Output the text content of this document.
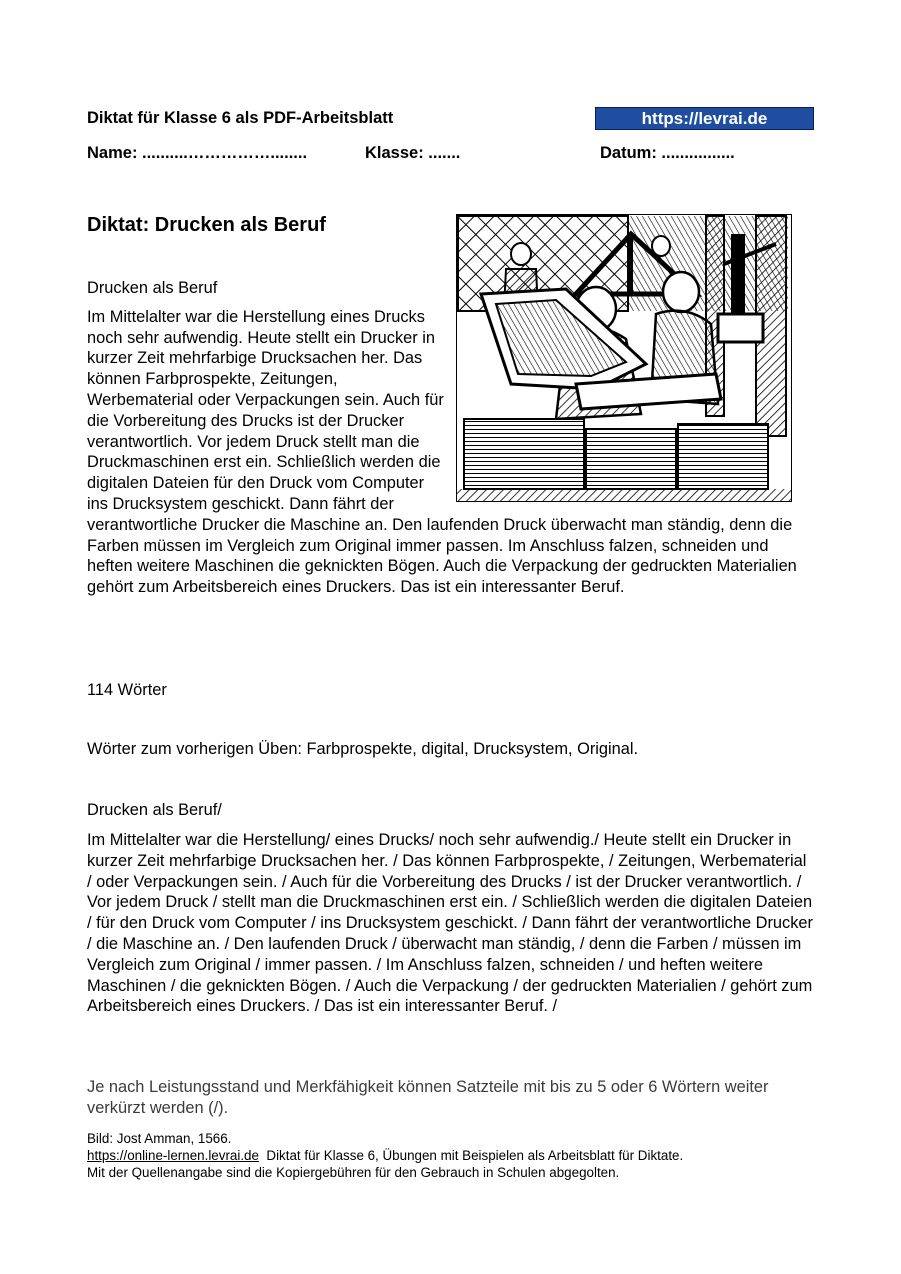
Diktat für Klasse 6 als PDF-Arbeitsblatt	https://levrai.de
Name: ..........……………........	Klasse: .......	Datum: ................
Diktat: Drucken als Beruf

Drucken als Beruf

Im Mittelalter war die Herstellung eines Drucks noch sehr aufwendig. Heute stellt ein Drucker in kurzer Zeit mehrfarbige Drucksachen her. Das können Farbprospekte, Zeitungen, Werbematerial oder Verpackungen sein. Auch für die Vorbereitung des Drucks ist der Drucker verantwortlich. Vor jedem Druck stellt man die Druckmaschinen erst ein. Schließlich werden die digitalen Dateien für den Druck vom Computer ins Drucksystem geschickt. Dann fährt der verantwortliche Drucker die Maschine an. Den laufenden Druck überwacht man ständig, denn die Farben müssen im Vergleich zum Original immer passen. Im Anschluss falzen, schneiden und heften weitere Maschinen die geknickten Bögen. Auch die Verpackung der gedruckten Materialien gehört zum Arbeitsbereich eines Druckers. Das ist ein interessanter Beruf.

114 Wörter
Wörter zum vorherigen Üben: Farbprospekte, digital, Drucksystem, Original.
Drucken als Beruf/
Im Mittelalter war die Herstellung/ eines Drucks/ noch sehr aufwendig./ Heute stellt ein Drucker in kurzer Zeit mehrfarbige Drucksachen her. / Das können Farbprospekte, / Zeitungen, Werbematerial / oder Verpackungen sein. / Auch für die Vorbereitung des Drucks / ist der Drucker verantwortlich. / Vor jedem Druck / stellt man die Druckmaschinen erst ein. / Schließlich werden die digitalen Dateien / für den Druck vom Computer / ins Drucksystem geschickt. / Dann fährt der verantwortliche Drucker / die Maschine an. / Den laufenden Druck / überwacht man ständig, / denn die Farben / müssen im Vergleich zum Original / immer passen. / Im Anschluss falzen, schneiden / und heften weitere Maschinen / die geknickten Bögen. / Auch die Verpackung / der gedruckten Materialien / gehört zum Arbeitsbereich eines Druckers. / Das ist ein interessanter Beruf. /
Je nach Leistungsstand und Merkfähigkeit können Satzteile mit bis zu 5 oder 6 Wörtern weiter verkürzt werden (/).
Bild: Jost Amman, 1566.
https://online-lernen.levrai.de Diktat für Klasse 6, Übungen mit Beispielen als Arbeitsblatt für Diktate.
Mit der Quellenangabe sind die Kopiergebühren für den Gebrauch in Schulen abgegolten.
